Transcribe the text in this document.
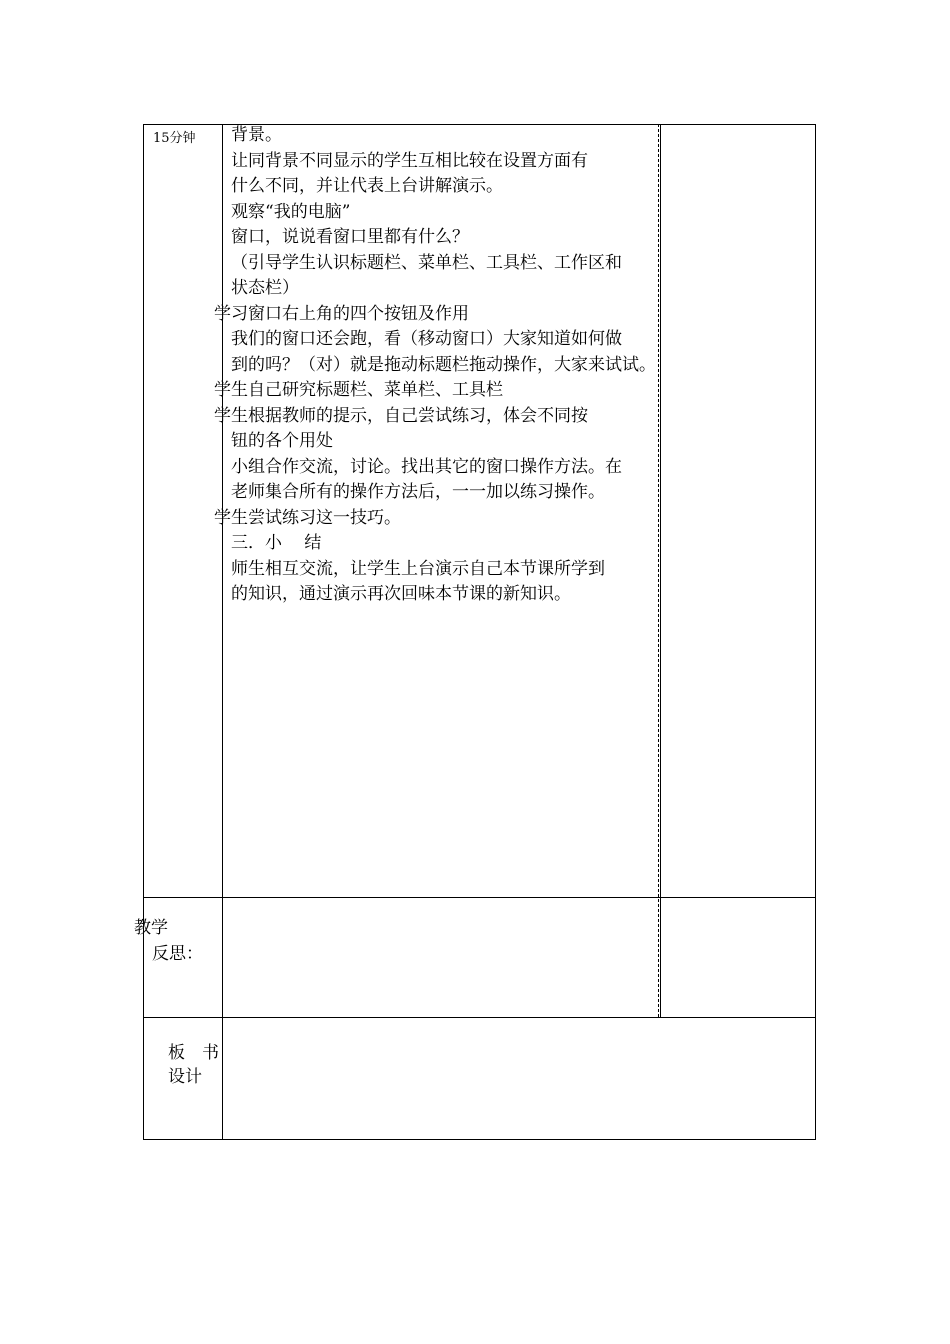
15分钟 背景。
让同背景不同显示的学生互相比较在设置方面有
什么不同，并让代表上台讲解演示。
观察“我的电脑”
窗口，说说看窗口里都有什么？
（引导学生认识标题栏、菜单栏、工具栏、工作区和
状态栏）
学习窗口右上角的四个按钮及作用
我们的窗口还会跑，看（移动窗口）大家知道如何做
到的吗？（对）就是拖动标题栏拖动操作，大家来试试。
学生自己研究标题栏、菜单栏、工具栏
学生根据教师的提示，自己尝试练习，体会不同按
钮的各个用处
小组合作交流，讨论。找出其它的窗口操作方法。在
老师集合所有的操作方法后，一一加以练习操作。
学生尝试练习这一技巧。
三．小　 结
师生相互交流，让学生上台演示自己本节课所学到
的知识，通过演示再次回味本节课的新知识。
教学
反思：
板　书
设计
